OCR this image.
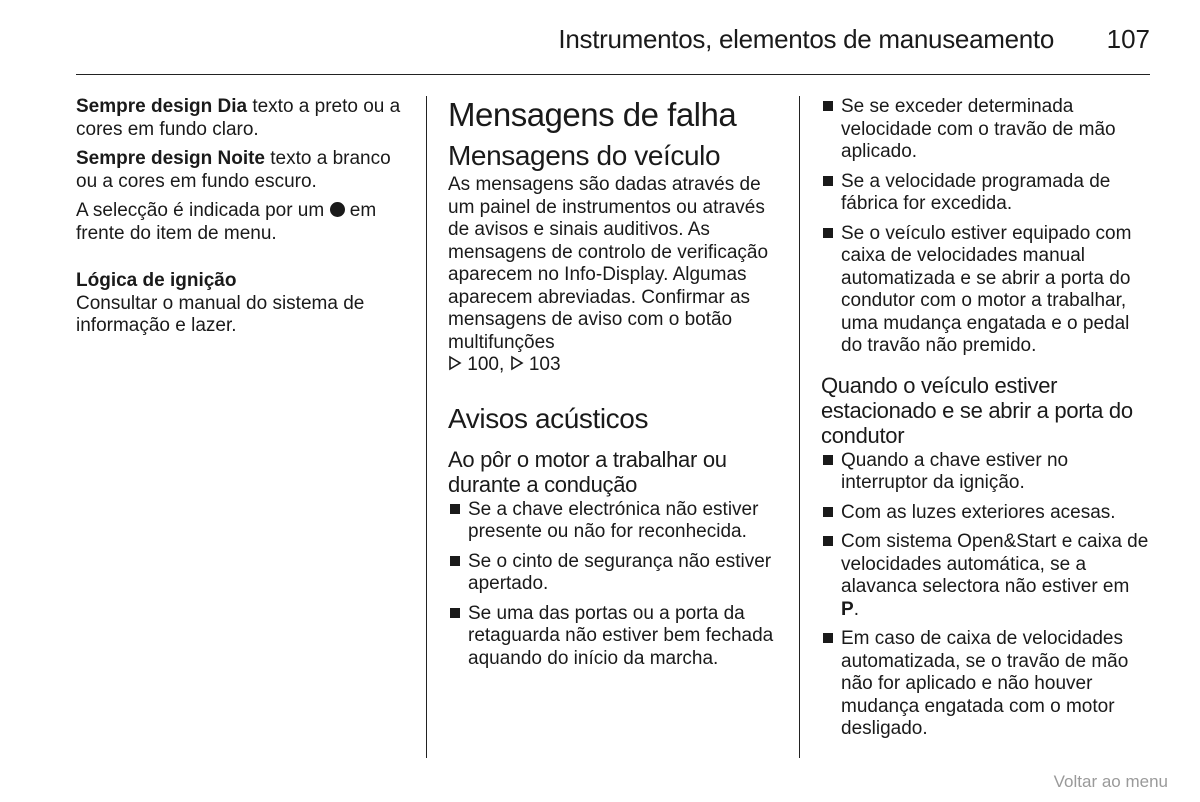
Instrumentos, elementos de manuseamento 107

Sempre design Dia texto a preto ou a cores em fundo claro.

Sempre design Noite texto a branco ou a cores em fundo escuro.

A selecção é indicada por um  em frente do item de menu.

Lógica de ignição
Consultar o manual do sistema de informação e lazer.
Mensagens de falha
Mensagens do veículo

As mensagens são dadas através de um painel de instrumentos ou através de avisos e sinais auditivos. As mensagens de controlo de verificação aparecem no Info-Display. Algumas aparecem abreviadas. Confirmar as mensagens de aviso com o botão multifunções
100,  103

Avisos acústicos
Ao pôr o motor a trabalhar ou durante a condução
Se a chave electrónica não estiver presente ou não for reconhecida.
Se o cinto de segurança não estiver apertado.
Se uma das portas ou a porta da retaguarda não estiver bem fechada aquando do início da marcha.
Se se exceder determinada velocidade com o travão de mão aplicado.
Se a velocidade programada de fábrica for excedida.
Se o veículo estiver equipado com caixa de velocidades manual automatizada e se abrir a porta do condutor com o motor a trabalhar, uma mudança engatada e o pedal do travão não premido.
Quando o veículo estiver estacionado e se abrir a porta do condutor
Quando a chave estiver no interruptor da ignição.
Com as luzes exteriores acesas.
Com sistema Open&Start e caixa de velocidades automática, se a alavanca selectora não estiver em P.
Em caso de caixa de velocidades automatizada, se o travão de mão não for aplicado e não houver mudança engatada com o motor desligado.
Voltar ao menu
